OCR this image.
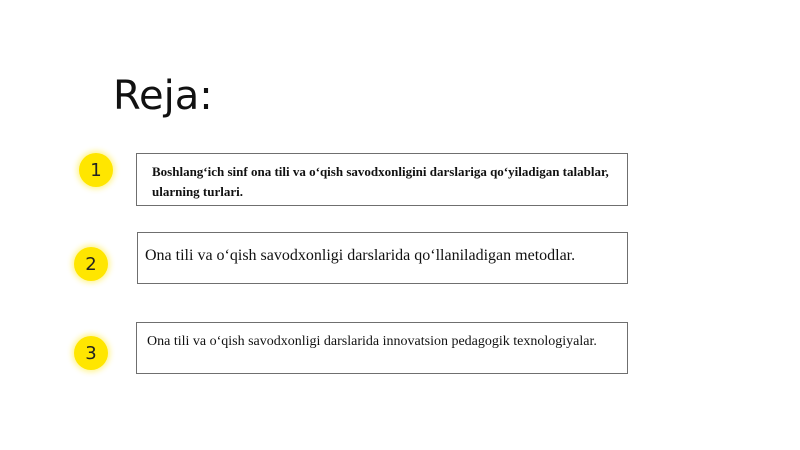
Reja:
1	Boshlang‘ich sinf ona tili va o‘qish savodxonligini darslariga qo‘yiladigan talablar, ularning turlari.
2	Ona tili va o‘qish savodxonligi darslarida qo‘llaniladigan metodlar.
3
Ona tili va o‘qish savodxonligi darslarida innovatsion pedagogik texnologiyalar.
